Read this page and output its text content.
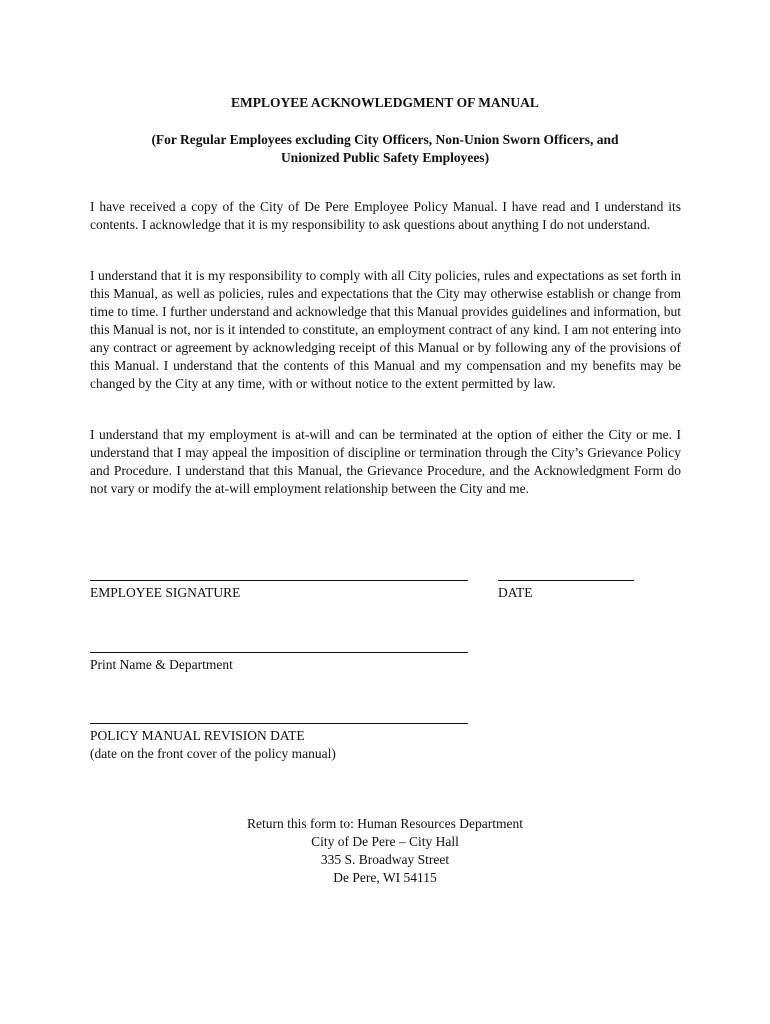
EMPLOYEE ACKNOWLEDGMENT OF MANUAL
(For Regular Employees excluding City Officers, Non-Union Sworn Officers, and
Unionized Public Safety Employees)

I have received a copy of the City of De Pere Employee Policy Manual. I have read and I understand its contents. I acknowledge that it is my responsibility to ask questions about anything I do not understand.

I understand that it is my responsibility to comply with all City policies, rules and expectations as set forth in this Manual, as well as policies, rules and expectations that the City may otherwise establish or change from time to time. I further understand and acknowledge that this Manual provides guidelines and information, but this Manual is not, nor is it intended to constitute, an employment contract of any kind. I am not entering into any contract or agreement by acknowledging receipt of this Manual or by following any of the provisions of this Manual. I understand that the contents of this Manual and my compensation and my benefits may be changed by the City at any time, with or without notice to the extent permitted by law.

I understand that my employment is at-will and can be terminated at the option of either the City or me. I understand that I may appeal the imposition of discipline or termination through the City’s Grievance Policy and Procedure. I understand that this Manual, the Grievance Procedure, and the Acknowledgment Form do not vary or modify the at-will employment relationship between the City and me.

EMPLOYEE SIGNATURE	DATE
Print Name & Department
POLICY MANUAL REVISION DATE
(date on the front cover of the policy manual)
Return this form to: Human Resources Department
City of De Pere – City Hall
335 S. Broadway Street
De Pere, WI 54115
